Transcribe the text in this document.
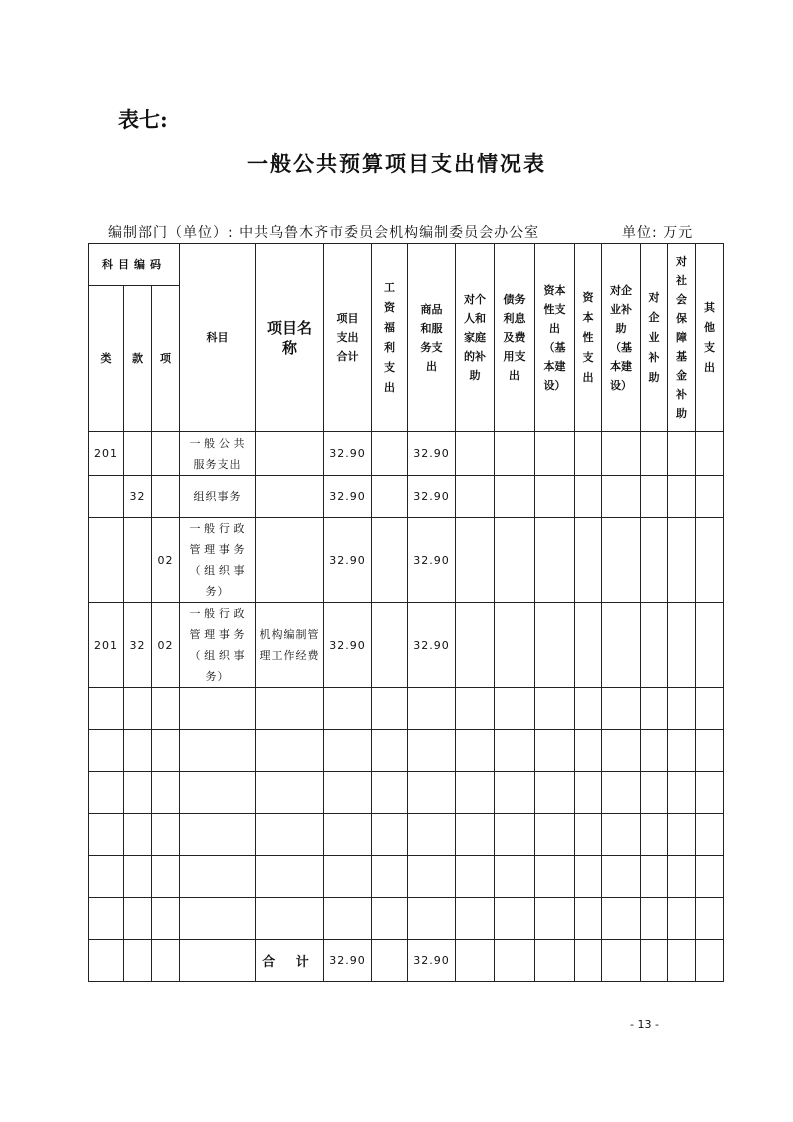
表七:
一般公共预算项目支出情况表
编制部门（单位）: 中共乌鲁木齐市委员会机构编制委员会办公室	单位: 万元
科目编码			科目	项目名称	项目支出合计	工资福利支出	商品和服务支出	对个人和家庭的补助	债务利息及费用支出	资本性支出（基本建设）	资本性支出	对企业补助（基本建设）	对企业补助	对社会保障基金补助	其他支出

类	款	项													
201			一般公共服务支出		32.90		32.90								
	32		组织事务		32.90		32.90								
		02	一般行政管理事务（组织事务）		32.90		32.90								
201	32	02	一般行政管理事务（组织事务）	机构编制管理工作经费	32.90		32.90								

				合 计	32.90		32.90								
- 13 -
